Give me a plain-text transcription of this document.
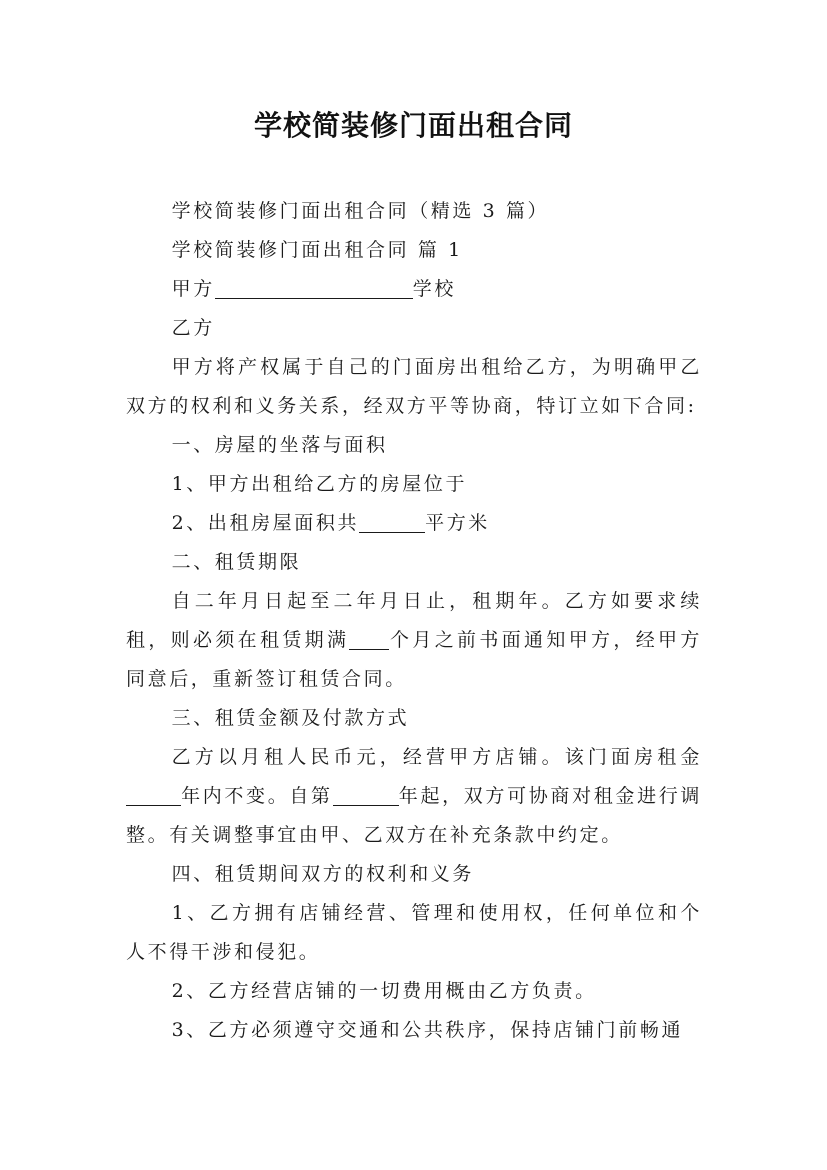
学校简装修门面出租合同

学校简装修门面出租合同（精选 3 篇）

学校简装修门面出租合同 篇 1

甲方	学校

乙方

甲方将产权属于自己的门面房出租给乙方，为明确甲乙双方的权利和义务关系，经双方平等协商，特订立如下合同:

一、房屋的坐落与面积

1、甲方出租给乙方的房屋位于

2、出租房屋面积共	平方米

二、租赁期限

自二年月日起至二年月日止，租期年。乙方如要求续租，则必须在租赁期满 个月之前书面通知甲方，经甲方同意后，重新签订租赁合同。

三、租赁金额及付款方式

乙方以月租人民币元，经营甲方店铺。该门面房租金年内不变。自第	年起，双方可协商对租金进行调整。有关调整事宜由甲、乙双方在补充条款中约定。

四、租赁期间双方的权利和义务

1、乙方拥有店铺经营、管理和使用权，任何单位和个人不得干涉和侵犯。

2、乙方经营店铺的一切费用概由乙方负责。

3、乙方必须遵守交通和公共秩序，保持店铺门前畅通
